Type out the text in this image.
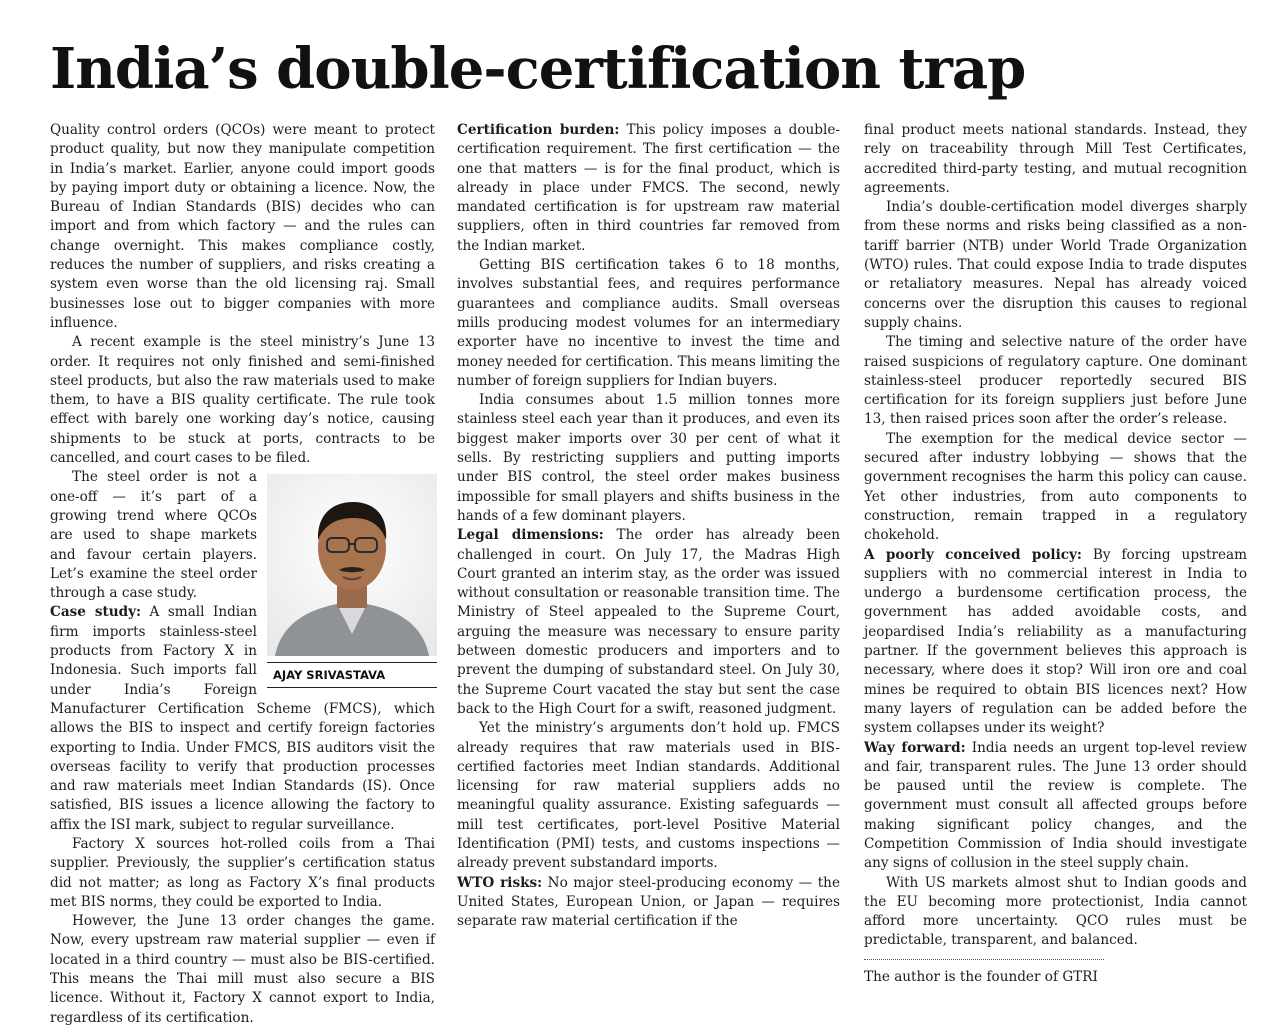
India’s double-certification trap

Quality control orders (QCOs) were meant to protect product quality, but now they manipulate competition in India’s market. Earlier, anyone could import goods by paying import duty or obtaining a licence. Now, the Bureau of Indian Standards (BIS) decides who can import and from which factory — and the rules can change overnight. This makes compliance costly, reduces the number of suppliers, and risks creating a system even worse than the old licensing raj. Small businesses lose out to bigger companies with more influence.

A recent example is the steel ministry’s June 13 order. It requires not only finished and semi-finished steel products, but also the raw materials used to make them, to have a BIS quality certificate. The rule took effect with barely one working day’s notice, causing shipments to be stuck at ports, contracts to be cancelled, and court cases to be filed.

AJAY SRIVASTAVA
The steel order is not a one-off — it’s part of a growing trend where QCOs are used to shape markets and favour certain players. Let’s examine the steel order through a case study.

Case study: A small Indian firm imports stainless-steel products from Factory X in Indonesia. Such imports fall under India’s Foreign Manufacturer Certification Scheme (FMCS), which allows the BIS to inspect and certify foreign factories exporting to India. Under FMCS, BIS auditors visit the overseas facility to verify that production processes and raw materials meet Indian Standards (IS). Once satisfied, BIS issues a licence allowing the factory to affix the ISI mark, subject to regular surveillance.

Factory X sources hot-rolled coils from a Thai supplier. Previously, the supplier’s certification status did not matter; as long as Factory X’s final products met BIS norms, they could be exported to India.

However, the June 13 order changes the game. Now, every upstream raw material supplier — even if located in a third country — must also be BIS-certified. This means the Thai mill must also secure a BIS licence. Without it, Factory X cannot export to India, regardless of its certification.

Certification burden: This policy imposes a double-certification requirement. The first certification — the one that matters — is for the final product, which is already in place under FMCS. The second, newly mandated certification is for upstream raw material suppliers, often in third countries far removed from the Indian market.

Getting BIS certification takes 6 to 18 months, involves substantial fees, and requires performance guarantees and compliance audits. Small overseas mills producing modest volumes for an intermediary exporter have no incentive to invest the time and money needed for certification. This means limiting the number of foreign suppliers for Indian buyers.

India consumes about 1.5 million tonnes more stainless steel each year than it produces, and even its biggest maker imports over 30 per cent of what it sells. By restricting suppliers and putting imports under BIS control, the steel order makes business impossible for small players and shifts business in the hands of a few dominant players.

Legal dimensions: The order has already been challenged in court. On July 17, the Madras High Court granted an interim stay, as the order was issued without consultation or reasonable transition time. The Ministry of Steel appealed to the Supreme Court, arguing the measure was necessary to ensure parity between domestic producers and importers and to prevent the dumping of substandard steel. On July 30, the Supreme Court vacated the stay but sent the case back to the High Court for a swift, reasoned judgment.

Yet the ministry’s arguments don’t hold up. FMCS already requires that raw materials used in BIS-certified factories meet Indian standards. Additional licensing for raw material suppliers adds no meaningful quality assurance. Existing safeguards — mill test certificates, port-level Positive Material Identification (PMI) tests, and customs inspections — already prevent substandard imports.

WTO risks: No major steel-producing economy — the United States, European Union, or Japan — requires separate raw material certification if the

final product meets national standards. Instead, they rely on traceability through Mill Test Certificates, accredited third-party testing, and mutual recognition agreements.

India’s double-certification model diverges sharply from these norms and risks being classified as a non-tariff barrier (NTB) under World Trade Organization (WTO) rules. That could expose India to trade disputes or retaliatory measures. Nepal has already voiced concerns over the disruption this causes to regional supply chains.

The timing and selective nature of the order have raised suspicions of regulatory capture. One dominant stainless-steel producer reportedly secured BIS certification for its foreign suppliers just before June 13, then raised prices soon after the order’s release.

The exemption for the medical device sector — secured after industry lobbying — shows that the government recognises the harm this policy can cause. Yet other industries, from auto components to construction, remain trapped in a regulatory chokehold.

A poorly conceived policy: By forcing upstream suppliers with no commercial interest in India to undergo a burdensome certification process, the government has added avoidable costs, and jeopardised India’s reliability as a manufacturing partner. If the government believes this approach is necessary, where does it stop? Will iron ore and coal mines be required to obtain BIS licences next? How many layers of regulation can be added before the system collapses under its weight?

Way forward: India needs an urgent top-level review and fair, transparent rules. The June 13 order should be paused until the review is complete. The government must consult all affected groups before making significant policy changes, and the Competition Commission of India should investigate any signs of collusion in the steel supply chain.

With US markets almost shut to Indian goods and the EU becoming more protectionist, India cannot afford more uncertainty. QCO rules must be predictable, transparent, and balanced.

The author is the founder of GTRI
